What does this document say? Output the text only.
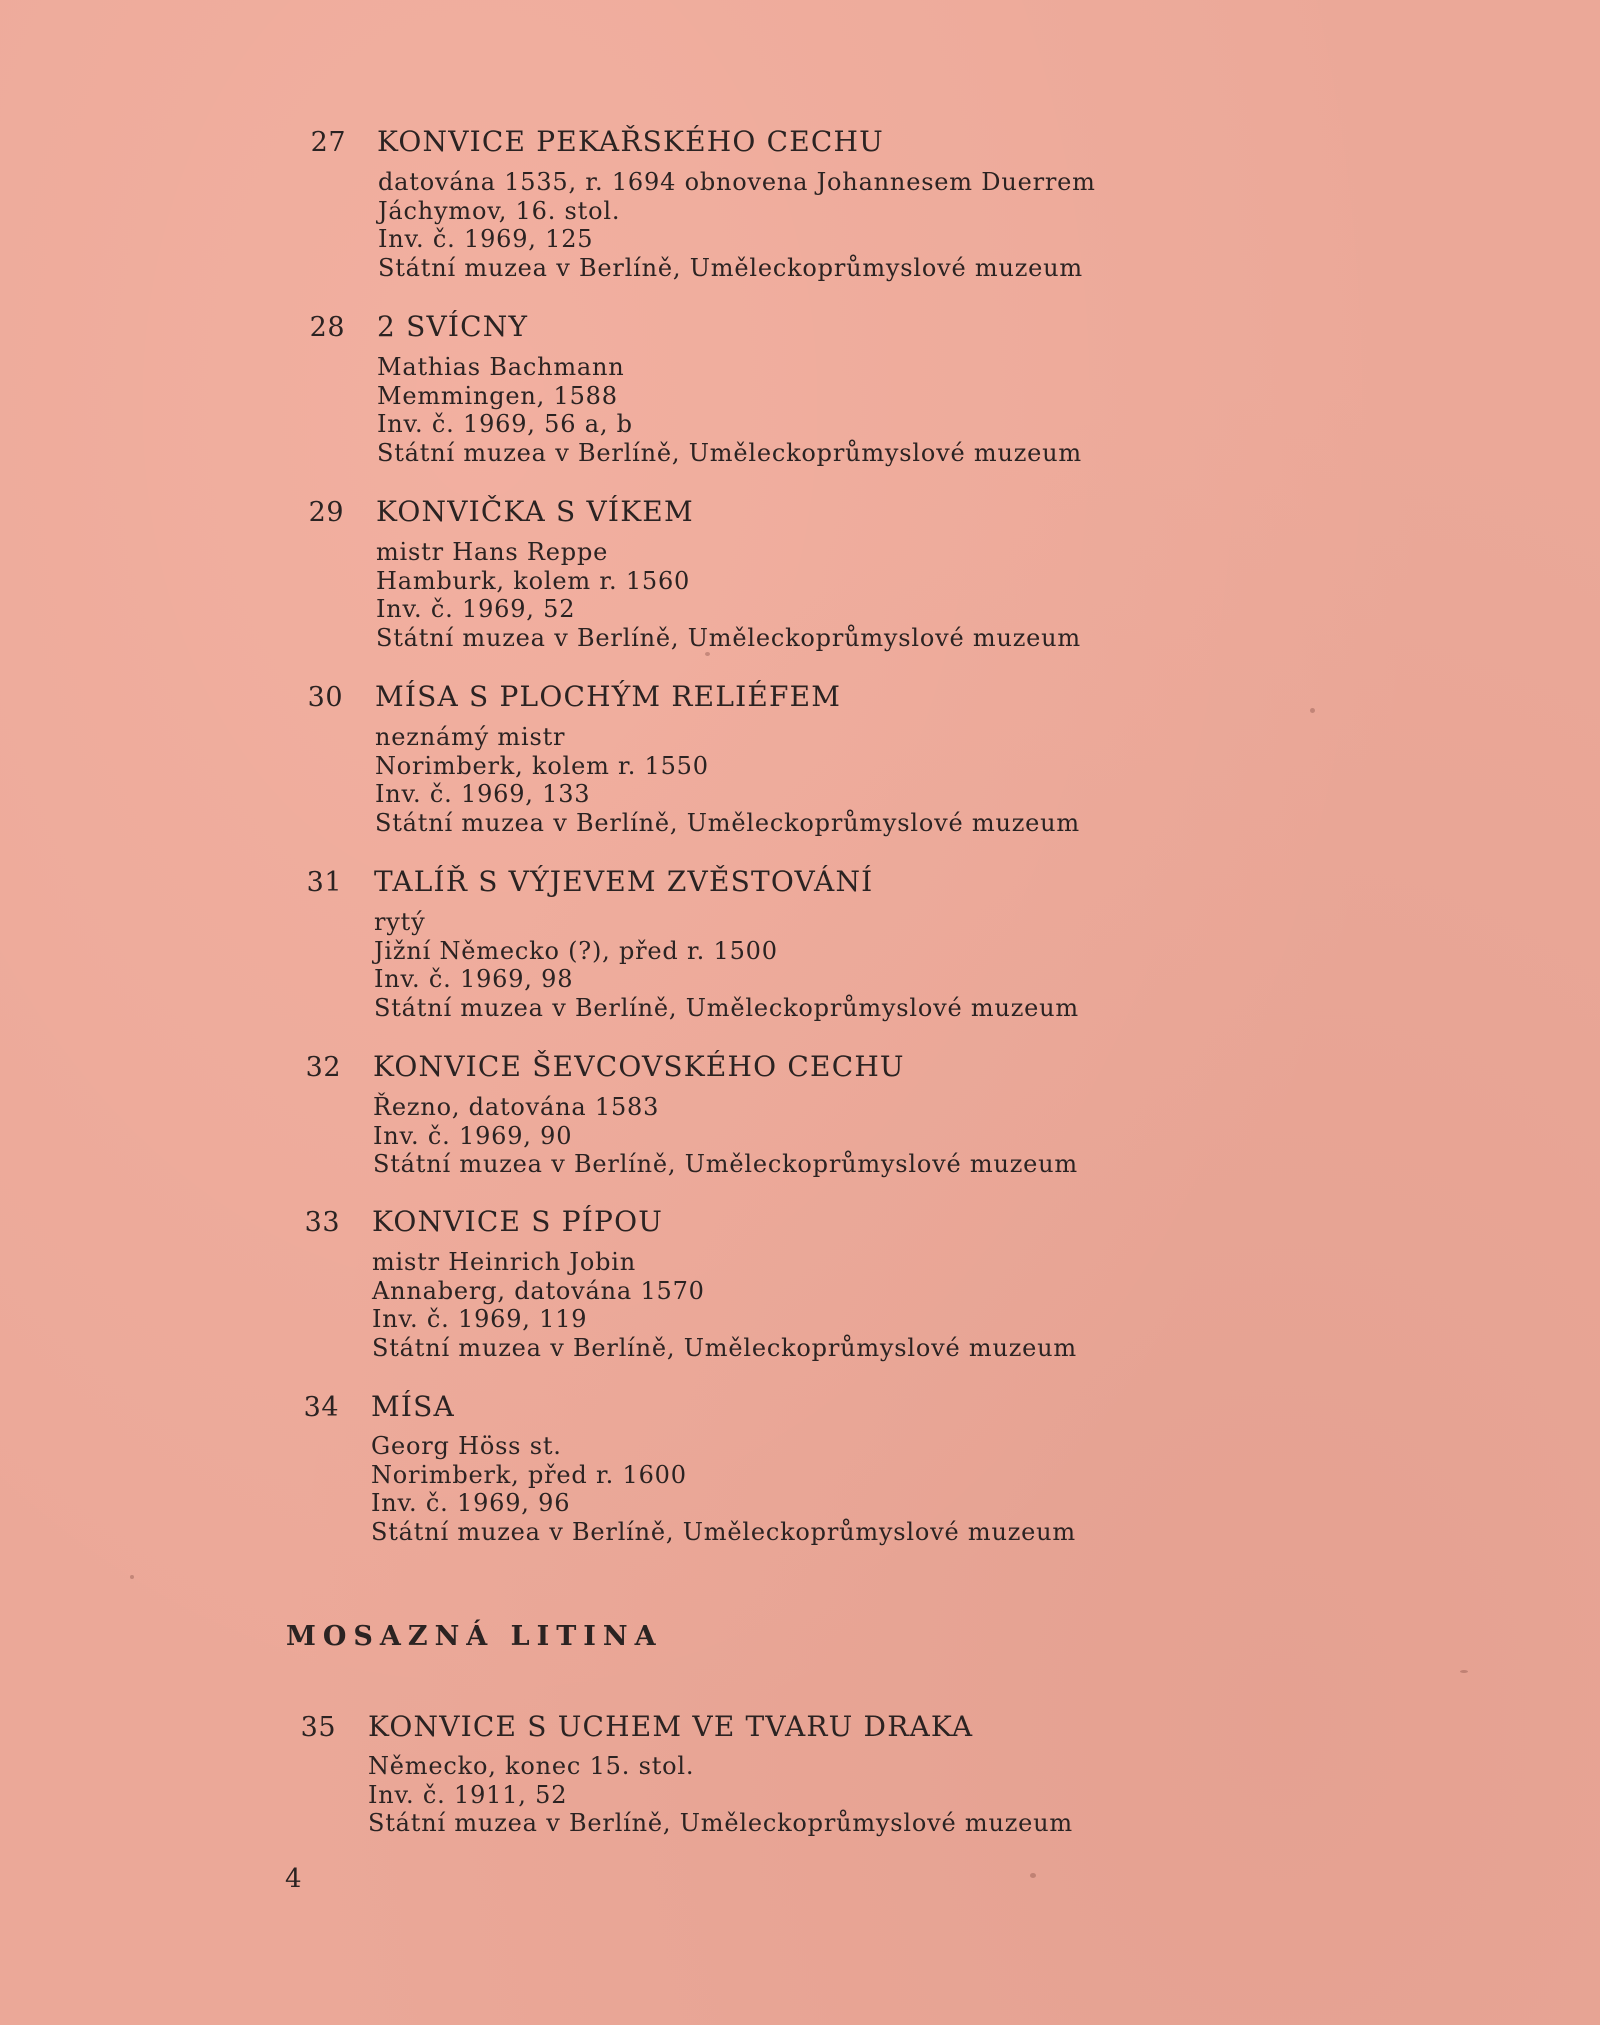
27 KONVICE PEKAŘSKÉHO CECHU
datována 1535, r. 1694 obnovena Johannesem Duerrem
Jáchymov, 16. stol.
Inv. č. 1969, 125
Státní muzea v Berlíně, Uměleckoprůmyslové muzeum
28 2 SVÍCNY
Mathias Bachmann
Memmingen, 1588
Inv. č. 1969, 56 a, b
Státní muzea v Berlíně, Uměleckoprůmyslové muzeum
29 KONVIČKA S VÍKEM
mistr Hans Reppe
Hamburk, kolem r. 1560
Inv. č. 1969, 52
Státní muzea v Berlíně, Uměleckoprůmyslové muzeum
30 MÍSA S PLOCHÝM RELIÉFEM
neznámý mistr
Norimberk, kolem r. 1550
Inv. č. 1969, 133
Státní muzea v Berlíně, Uměleckoprůmyslové muzeum
31 TALÍŘ S VÝJEVEM ZVĚSTOVÁNÍ
rytý
Jižní Německo (?), před r. 1500
Inv. č. 1969, 98
Státní muzea v Berlíně, Uměleckoprůmyslové muzeum
32 KONVICE ŠEVCOVSKÉHO CECHU
Řezno, datována 1583
Inv. č. 1969, 90
Státní muzea v Berlíně, Uměleckoprůmyslové muzeum
33 KONVICE S PÍPOU
mistr Heinrich Jobin
Annaberg, datována 1570
Inv. č. 1969, 119
Státní muzea v Berlíně, Uměleckoprůmyslové muzeum
34 MÍSA
Georg Höss st.
Norimberk, před r. 1600
Inv. č. 1969, 96
Státní muzea v Berlíně, Uměleckoprůmyslové muzeum
MOSAZNÁ LITINA
35 KONVICE S UCHEM VE TVARU DRAKA
Německo, konec 15. stol.
Inv. č. 1911, 52
Státní muzea v Berlíně, Uměleckoprůmyslové muzeum
4
